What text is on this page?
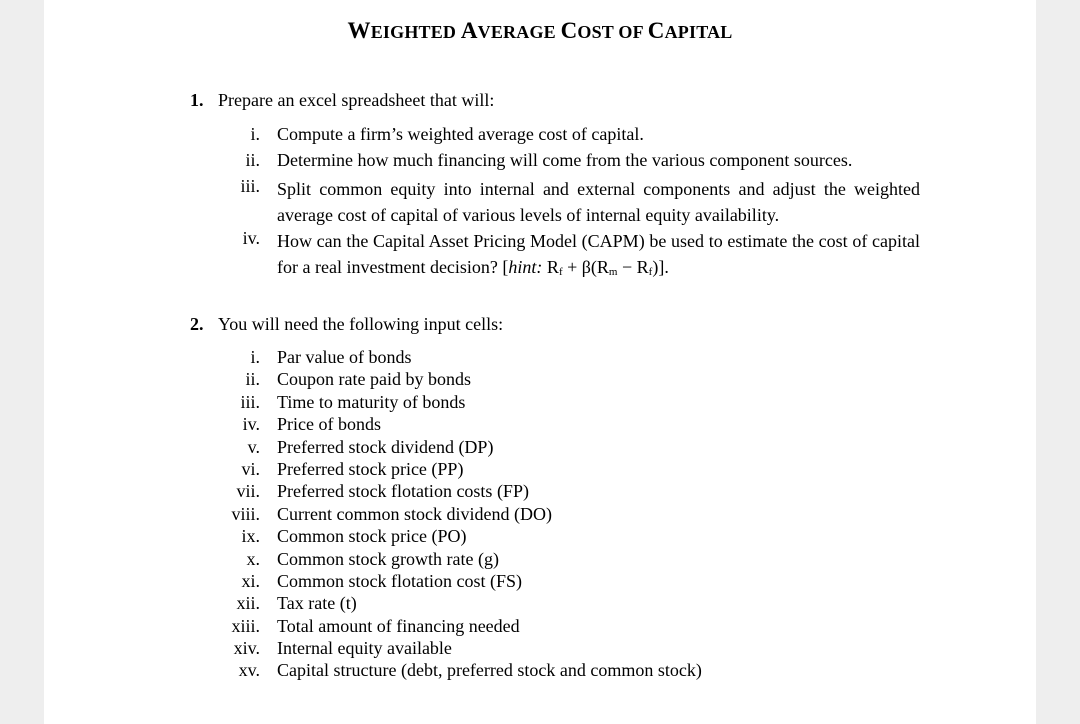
WEIGHTED AVERAGE COST OF CAPITAL
1. Prepare an excel spreadsheet that will:
i. Compute a firm’s weighted average cost of capital.
ii. Determine how much financing will come from the various component sources.
iii. Split common equity into internal and external components and adjust the weighted average cost of capital of various levels of internal equity availability.
iv. How can the Capital Asset Pricing Model (CAPM) be used to estimate the cost of capital for a real investment decision? [hint: $R_f + \beta(R_m - R_f)$].
2. You will need the following input cells:
i. Par value of bonds
ii. Coupon rate paid by bonds
iii. Time to maturity of bonds
iv. Price of bonds
v. Preferred stock dividend (DP)
vi. Preferred stock price (PP)
vii. Preferred stock flotation costs (FP)
viii. Current common stock dividend (DO)
ix. Common stock price (PO)
x. Common stock growth rate (g)
xi. Common stock flotation cost (FS)
xii. Tax rate (t)
xiii. Total amount of financing needed
xiv. Internal equity available
xv. Capital structure (debt, preferred stock and common stock)
